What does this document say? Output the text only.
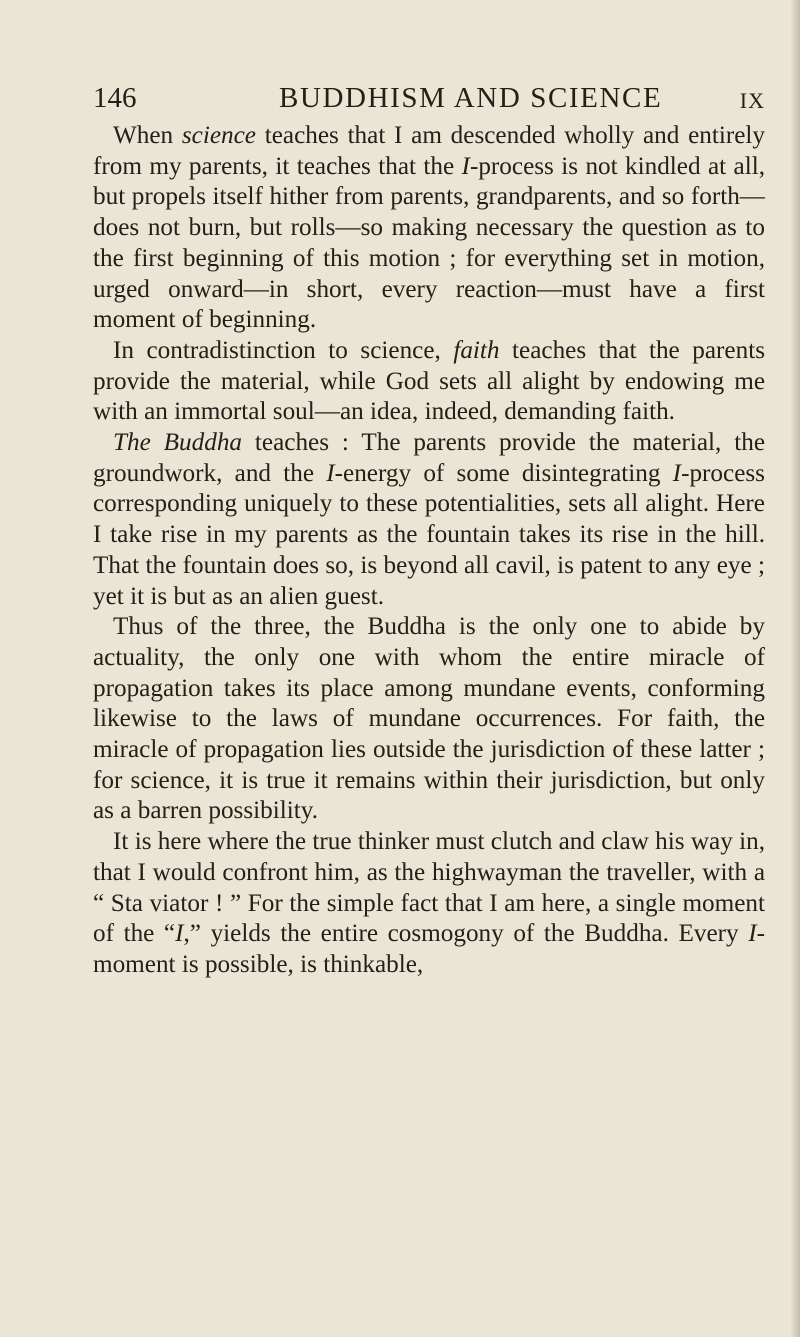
146	BUDDHISM AND SCIENCE	IX

When science teaches that I am descended wholly and entirely from my parents, it teaches that the I-process is not kindled at all, but propels itself hither from parents, grandparents, and so forth—does not burn, but rolls—so making necessary the question as to the first beginning of this motion ; for everything set in motion, urged onward—in short, every reaction—must have a first moment of beginning.

In contradistinction to science, faith teaches that the parents provide the material, while God sets all alight by endowing me with an immortal soul—an idea, indeed, demanding faith.

The Buddha teaches : The parents provide the material, the groundwork, and the I-energy of some disintegrating I-process corresponding uniquely to these potentialities, sets all alight. Here I take rise in my parents as the fountain takes its rise in the hill. That the fountain does so, is beyond all cavil, is patent to any eye ; yet it is but as an alien guest.

Thus of the three, the Buddha is the only one to abide by actuality, the only one with whom the entire miracle of propagation takes its place among mundane events, conforming likewise to the laws of mundane occurrences. For faith, the miracle of propagation lies outside the jurisdiction of these latter ; for science, it is true it remains within their jurisdiction, but only as a barren possibility.

It is here where the true thinker must clutch and claw his way in, that I would confront him, as the highwayman the traveller, with a “ Sta viator ! ” For the simple fact that I am here, a single moment of the “I,” yields the entire cosmogony of the Buddha. Every I-moment is possible, is thinkable,
